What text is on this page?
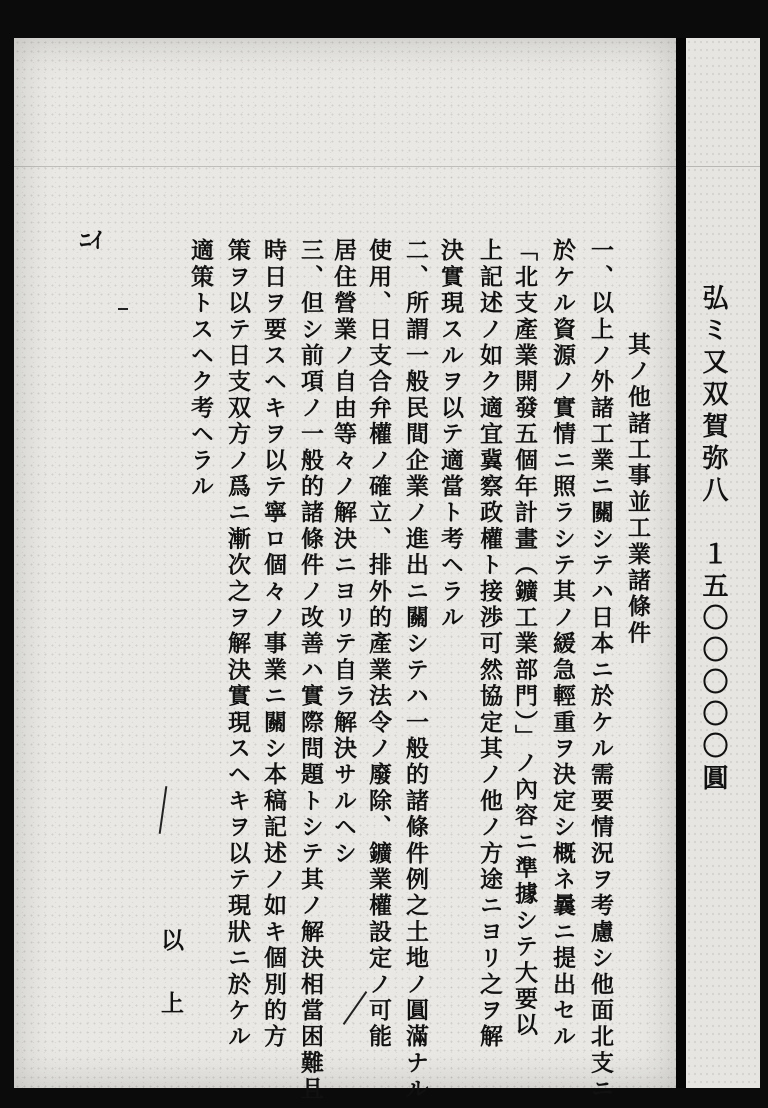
ﾆｲ
其ノ他諸工事並工業諸條件
一、以上ノ外諸工業ニ關シテハ日本ニ於ケル需要情況ヲ考慮シ他面北支ニ
於ケル資源ノ實情ニ照ラシテ其ノ緩急輕重ヲ決定シ概ネ曩ニ提出セル
「北支產業開發五個年計畫（鑛工業部門）」ノ內容ニ準據シテ大要以
上記述ノ如ク適宜冀察政權ト接渉可然協定其ノ他ノ方途ニヨリ之ヲ解
決實現スルヲ以テ適當ト考ヘラル
二、所謂一般民間企業ノ進出ニ關シテハ一般的諸條件例之土地ノ圓滿ナル
使用、日支合弁權ノ確立、排外的產業法令ノ廢除、鑛業權設定ノ可能
居住營業ノ自由等々ノ解決ニヨリテ自ラ解決サルヘシ
三、但シ前項ノ一般的諸條件ノ改善ハ實際問題トシテ其ノ解決相當困難且
時日ヲ要スヘキヲ以テ寧ロ個々ノ事業ニ關シ本稿記述ノ如キ個別的方
策ヲ以テ日支双方ノ爲ニ漸次之ヲ解決實現スヘキヲ以テ現狀ニ於ケル
適策トスヘク考ヘラル
以上
弘ミ又双賀弥八　１五〇〇〇〇〇圓
